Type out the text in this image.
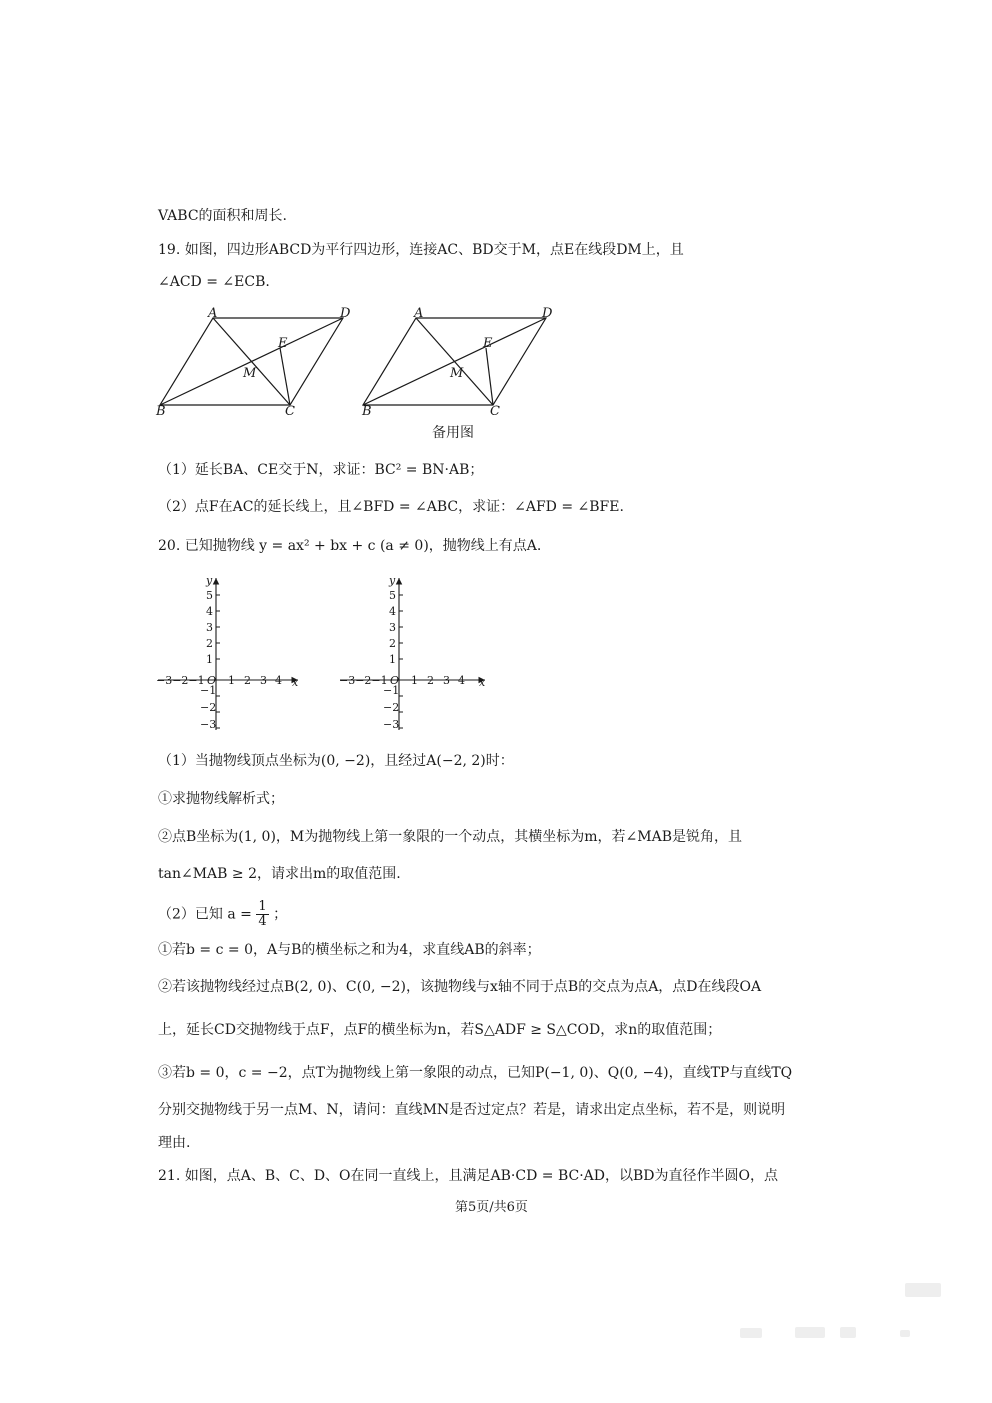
VABC的面积和周长.
19. 如图，四边形ABCD为平行四边形，连接AC、BD交于M，点E在线段DM上，且
∠ACD = ∠ECB.
A	D
E
M
B	C
A	D
E
M
B	C
备用图
（1）延长BA、CE交于N，求证：BC² = BN·AB；
（2）点F在AC的延长线上，且∠BFD = ∠ABC，求证：∠AFD = ∠BFE.
20. 已知抛物线 y = ax² + bx + c (a ≠ 0)，抛物线上有点A.
y
x
5
4
3
2
1
−1
−2
−3
−3−2−1 O 1 2 3 4
y
x
5
4
3
2
1
−1
−2
−3
−3−2−1 O 1 2 3 4
（1）当抛物线顶点坐标为(0, −2)，且经过A(−2, 2)时：
①求抛物线解析式；
②点B坐标为(1, 0)，M为抛物线上第一象限的一个动点，其横坐标为m，若∠MAB是锐角，且
tan∠MAB ≥ 2，请求出m的取值范围.
（2）已知 $a = \frac{1}{4}$ ；
①若b = c = 0，A与B的横坐标之和为4，求直线AB的斜率；
②若该抛物线经过点B(2, 0)、C(0, −2)，该抛物线与x轴不同于点B的交点为点A，点D在线段OA
上，延长CD交抛物线于点F，点F的横坐标为n，若S△ADF ≥ S△COD，求n的取值范围；
③若b = 0，c = −2，点T为抛物线上第一象限的动点，已知P(−1, 0)、Q(0, −4)，直线TP与直线TQ
分别交抛物线于另一点M、N，请问：直线MN是否过定点？若是，请求出定点坐标，若不是，则说明
理由.
21. 如图，点A、B、C、D、O在同一直线上，且满足AB·CD = BC·AD，以BD为直径作半圆O，点
第5页/共6页
